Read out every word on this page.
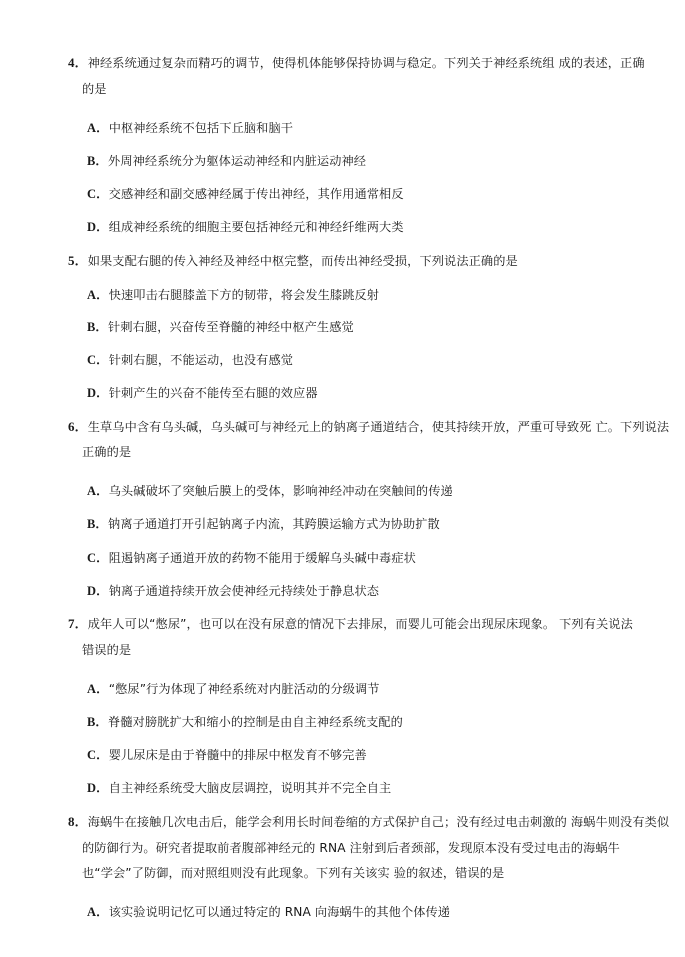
4．神经系统通过复杂而精巧的调节，使得机体能够保持协调与稳定。下列关于神经系统组 成的表述，正确
的是
A．中枢神经系统不包括下丘脑和脑干
B．外周神经系统分为躯体运动神经和内脏运动神经
C．交感神经和副交感神经属于传出神经，其作用通常相反
D．组成神经系统的细胞主要包括神经元和神经纤维两大类
5．如果支配右腿的传入神经及神经中枢完整，而传出神经受损，下列说法正确的是
A．快速叩击右腿膝盖下方的韧带，将会发生膝跳反射
B．针刺右腿，兴奋传至脊髓的神经中枢产生感觉
C．针刺右腿，不能运动，也没有感觉
D．针刺产生的兴奋不能传至右腿的效应器
6．生草乌中含有乌头碱，乌头碱可与神经元上的钠离子通道结合，使其持续开放，严重可导致死 亡。下列说法
正确的是
A．乌头碱破坏了突触后膜上的受体，影响神经冲动在突触间的传递
B．钠离子通道打开引起钠离子内流，其跨膜运输方式为协助扩散
C．阻遏钠离子通道开放的药物不能用于缓解乌头碱中毒症状
D．钠离子通道持续开放会使神经元持续处于静息状态
7．成年人可以“憋尿”，也可以在没有尿意的情况下去排尿，而婴儿可能会出现尿床现象。 下列有关说法
错误的是
A．“憋尿”行为体现了神经系统对内脏活动的分级调节
B．脊髓对膀胱扩大和缩小的控制是由自主神经系统支配的
C．婴儿尿床是由于脊髓中的排尿中枢发育不够完善
D．自主神经系统受大脑皮层调控，说明其并不完全自主
8．海蜗牛在接触几次电击后，能学会利用长时间卷缩的方式保护自己；没有经过电击刺激的 海蜗牛则没有类似
的防御行为。研究者提取前者腹部神经元的 RNA 注射到后者颈部，发现原本没有受过电击的海蜗牛
也“学会”了防御，而对照组则没有此现象。下列有关该实 验的叙述，错误的是
A．该实验说明记忆可以通过特定的 RNA 向海蜗牛的其他个体传递
